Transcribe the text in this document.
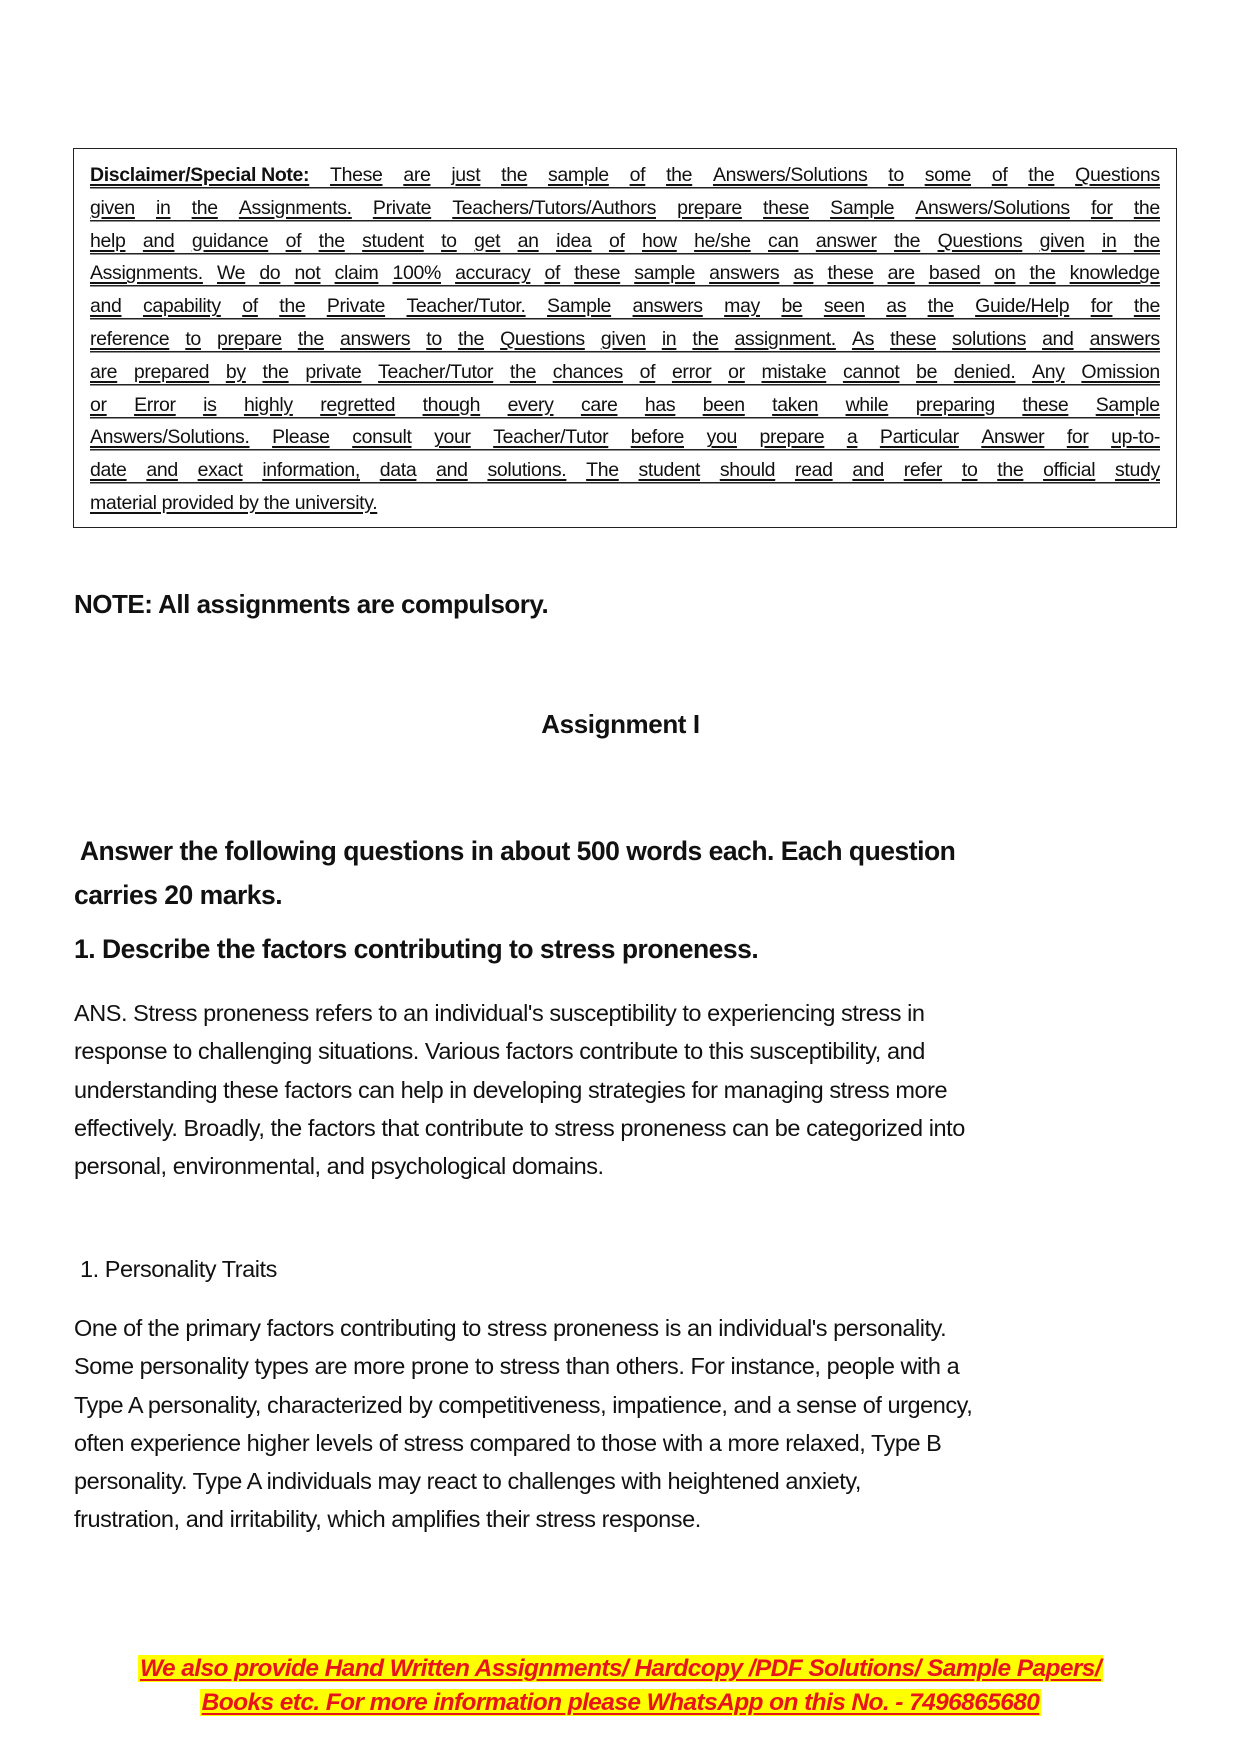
Disclaimer/Special Note: These are just the sample of the Answers/Solutions to some of the Questions
given in the Assignments. Private Teachers/Tutors/Authors prepare these Sample Answers/Solutions for the
help and guidance of the student to get an idea of how he/she can answer the Questions given in the
Assignments. We do not claim 100% accuracy of these sample answers as these are based on the knowledge
and capability of the Private Teacher/Tutor. Sample answers may be seen as the Guide/Help for the
reference to prepare the answers to the Questions given in the assignment. As these solutions and answers
are prepared by the private Teacher/Tutor the chances of error or mistake cannot be denied. Any Omission
or Error is highly regretted though every care has been taken while preparing these Sample
Answers/Solutions. Please consult your Teacher/Tutor before you prepare a Particular Answer for up-to-
date and exact information, data and solutions. The student should read and refer to the official study
material provided by the university.
NOTE: All assignments are compulsory.
Assignment I
Answer the following questions in about 500 words each. Each question
carries 20 marks.
1. Describe the factors contributing to stress proneness.
ANS. Stress proneness refers to an individual's susceptibility to experiencing stress in
response to challenging situations. Various factors contribute to this susceptibility, and
understanding these factors can help in developing strategies for managing stress more
effectively. Broadly, the factors that contribute to stress proneness can be categorized into
personal, environmental, and psychological domains.
1. Personality Traits
One of the primary factors contributing to stress proneness is an individual's personality.
Some personality types are more prone to stress than others. For instance, people with a
Type A personality, characterized by competitiveness, impatience, and a sense of urgency,
often experience higher levels of stress compared to those with a more relaxed, Type B
personality. Type A individuals may react to challenges with heightened anxiety,
frustration, and irritability, which amplifies their stress response.
We also provide Hand Written Assignments/ Hardcopy /PDF Solutions/ Sample Papers/
Books etc. For more information please WhatsApp on this No. - 7496865680
